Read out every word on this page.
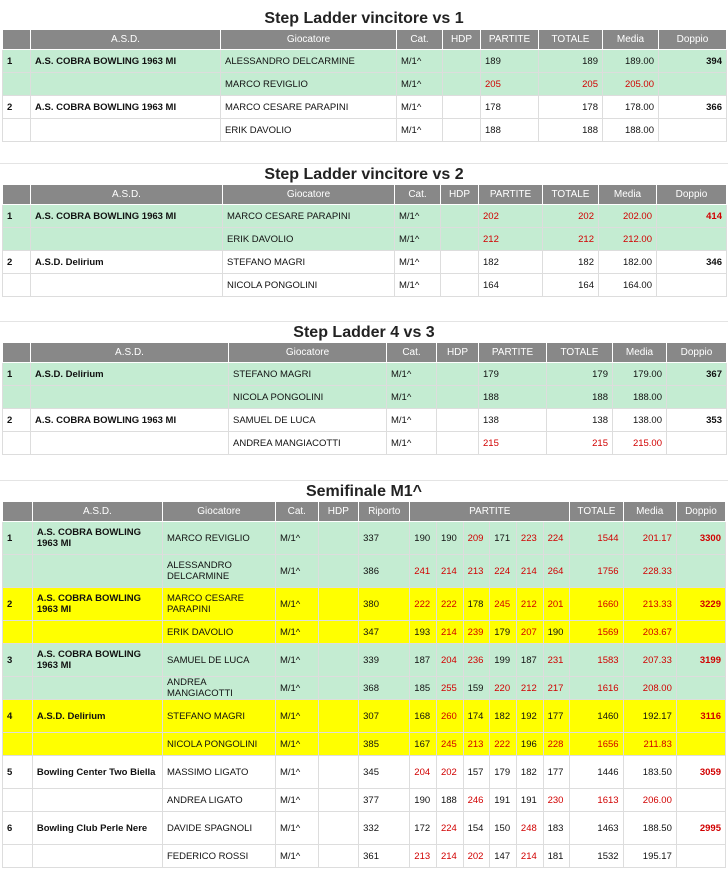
Step Ladder vincitore vs 1
	A.S.D.	Giocatore	Cat.	HDP	PARTITE	TOTALE	Media	Doppio
1	A.S. COBRA BOWLING 1963 MI	ALESSANDRO DELCARMINE	M/1^		189	189	189.00	394
		MARCO REVIGLIO	M/1^		205	205	205.00	
2	A.S. COBRA BOWLING 1963 MI	MARCO CESARE PARAPINI	M/1^		178	178	178.00	366
		ERIK DAVOLIO	M/1^		188	188	188.00	
Step Ladder vincitore vs 2
	A.S.D.	Giocatore	Cat.	HDP	PARTITE	TOTALE	Media	Doppio
1	A.S. COBRA BOWLING 1963 MI	MARCO CESARE PARAPINI	M/1^		202	202	202.00	414
		ERIK DAVOLIO	M/1^		212	212	212.00	
2	A.S.D. Delirium	STEFANO MAGRI	M/1^		182	182	182.00	346
		NICOLA PONGOLINI	M/1^		164	164	164.00	
Step Ladder 4 vs 3
	A.S.D.	Giocatore	Cat.	HDP	PARTITE	TOTALE	Media	Doppio
1	A.S.D. Delirium	STEFANO MAGRI	M/1^		179	179	179.00	367
		NICOLA PONGOLINI	M/1^		188	188	188.00	
2	A.S. COBRA BOWLING 1963 MI	SAMUEL DE LUCA	M/1^		138	138	138.00	353
		ANDREA MANGIACOTTI	M/1^		215	215	215.00	
Semifinale M1^
	A.S.D.	Giocatore	Cat.	HDP	Riporto	PARTITE						TOTALE	Media	Doppio
1	A.S. COBRA BOWLING 1963 MI	MARCO REVIGLIO	M/1^		337	190	190	209	171	223	224	1544	201.17	3300
		ALESSANDRO DELCARMINE	M/1^		386	241	214	213	224	214	264	1756	228.33	
2	A.S. COBRA BOWLING 1963 MI	MARCO CESARE PARAPINI	M/1^		380	222	222	178	245	212	201	1660	213.33	3229
		ERIK DAVOLIO	M/1^		347	193	214	239	179	207	190	1569	203.67	
3	A.S. COBRA BOWLING 1963 MI	SAMUEL DE LUCA	M/1^		339	187	204	236	199	187	231	1583	207.33	3199
		ANDREA MANGIACOTTI	M/1^		368	185	255	159	220	212	217	1616	208.00	
4	A.S.D. Delirium	STEFANO MAGRI	M/1^		307	168	260	174	182	192	177	1460	192.17	3116
		NICOLA PONGOLINI	M/1^		385	167	245	213	222	196	228	1656	211.83	
5	Bowling Center Two Biella	MASSIMO LIGATO	M/1^		345	204	202	157	179	182	177	1446	183.50	3059
		ANDREA LIGATO	M/1^		377	190	188	246	191	191	230	1613	206.00	
6	Bowling Club Perle Nere	DAVIDE SPAGNOLI	M/1^		332	172	224	154	150	248	183	1463	188.50	2995
		FEDERICO ROSSI	M/1^		361	213	214	202	147	214	181	1532	195.17	
